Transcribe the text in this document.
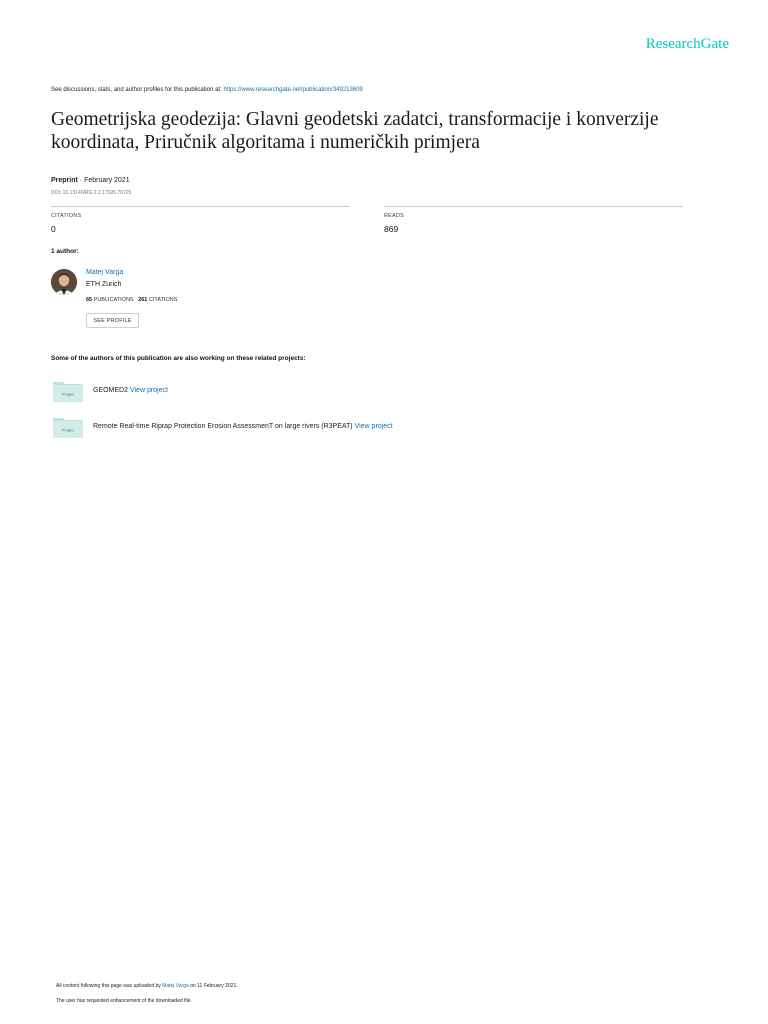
ResearchGate
See discussions, stats, and author profiles for this publication at: https://www.researchgate.net/publication/349213609
Geometrijska geodezija: Glavni geodetski zadatci, transformacije i konverzije koordinata, Priručnik algoritama i numeričkih primjera
Preprint · February 2021
DOI: 10.13140/RG.2.2.17026.70725
CITATIONS
0
READS
869
1 author:
Matej Varga
ETH Zurich
65 PUBLICATIONS 261 CITATIONS
SEE PROFILE
Some of the authors of this publication are also working on these related projects:
Project	GEOMED2 View project
Project	Remote Real-time Riprap Protection Erosion AssessmenT on large rivers (R3PEAT) View project
All content following this page was uploaded by Matej Varga on 11 February 2021.
The user has requested enhancement of the downloaded file.
